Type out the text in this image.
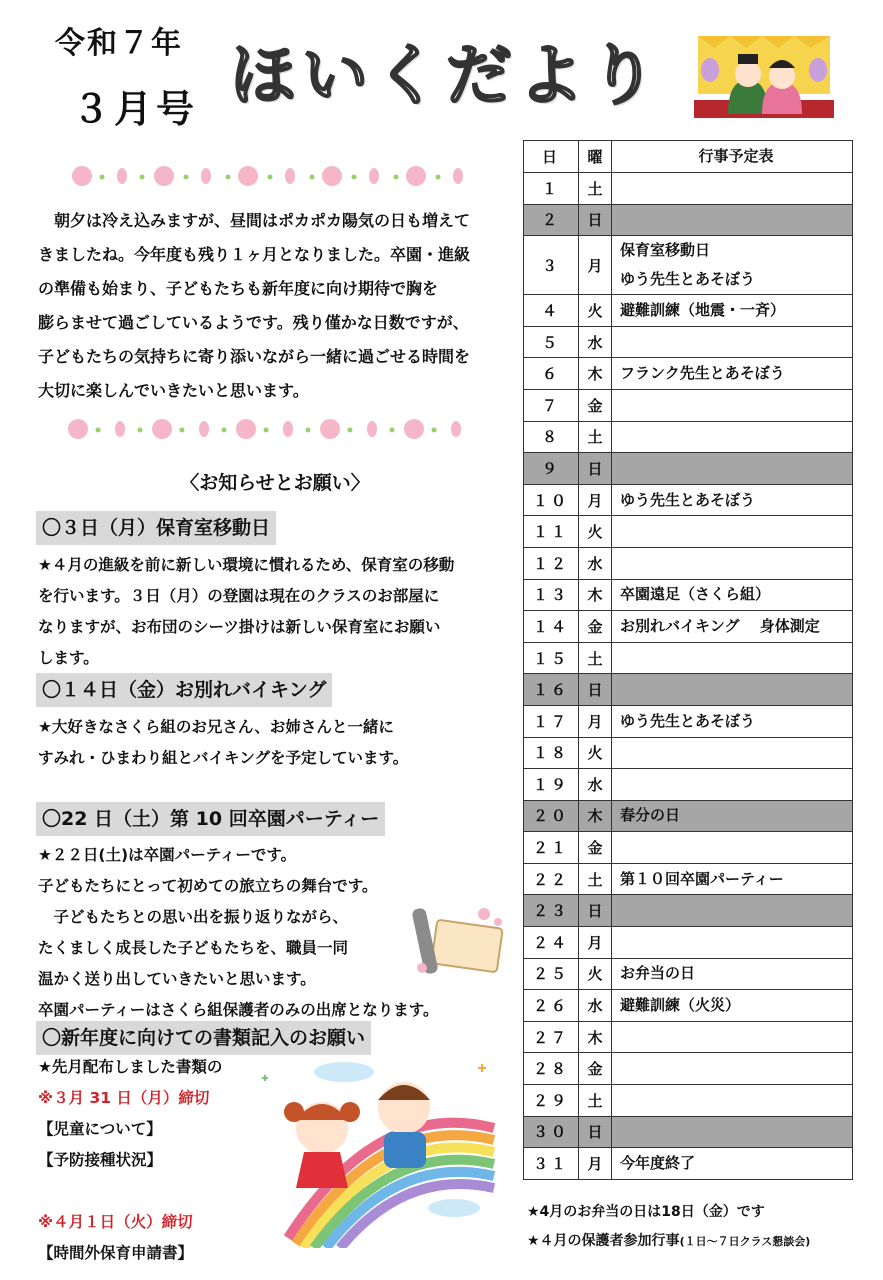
令和７年
３月号 ほいくだより

　朝夕は冷え込みますが、昼間はポカポカ陽気の日も増えて

きましたね。今年度も残り１ヶ月となりました。卒園・進級

の準備も始まり、子どもたちも新年度に向け期待で胸を

膨らませて過ごしているようです。残り僅かな日数ですが、

子どもたちの気持ちに寄り添いながら一緒に過ごせる時間を

大切に楽しんでいきたいと思います。

〈お知らせとお願い〉
〇３日（月）保育室移動日
★４月の進級を前に新しい環境に慣れるため、保育室の移動
を行います。３日（月）の登園は現在のクラスのお部屋に
なりますが、お布団のシーツ掛けは新しい保育室にお願い
します。
〇１４日（金）お別れバイキング
★大好きなさくら組のお兄さん、お姉さんと一緒に
すみれ・ひまわり組とバイキングを予定しています。
〇22 日（土）第 10 回卒園パーティー
★２２日(土)は卒園パーティーです。
子どもたちにとって初めての旅立ちの舞台です。
　子どもたちとの思い出を振り返りながら、
たくましく成長した子どもたちを、職員一同
温かく送り出していきたいと思います。
卒園パーティーはさくら組保護者のみの出席となります。
〇新年度に向けての書類記入のお願い
★先月配布しました書類の
※３月 31 日（月）締切
【児童について】
【予防接種状況】
※４月１日（火）締切
【時間外保育申請書】
日	曜	行事予定表
１	土	
２	日	
３	月	保育室移動日
ゆう先生とあそぼう

４	火	避難訓練（地震・一斉）
５	水	
６	木	フランク先生とあそぼう
７	金	
８	土	
９	日	
１０	月	ゆう先生とあそぼう
１１	火	
１２	水	
１３	木	卒園遠足（さくら組）
１４	金	お別れバイキング　 身体測定
１５	土	
１６	日	
１７	月	ゆう先生とあそぼう
１８	火	
１９	水	
２０	木	春分の日
２１	金	
２２	土	第１０回卒園パーティー
２３	日	
２４	月	
２５	火	お弁当の日
２６	水	避難訓練（火災）
２７	木	
２８	金	
２９	土	
３０	日	
３１	月	今年度終了
★4月のお弁当の日は18日（金）です
★４月の保護者参加行事(１日～７日クラス懇談会)
